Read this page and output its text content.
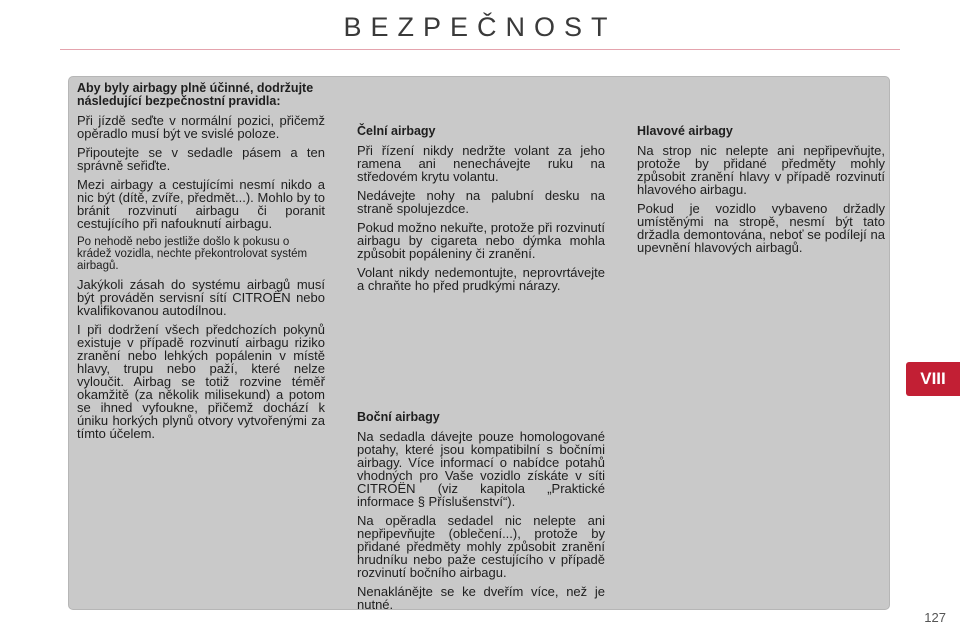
BEZPEČNOST
Aby byly airbagy plně účinné, dodržujte následující bezpečnostní pravidla:

Při jízdě seďte v normální pozici, přičemž opěradlo musí být ve svislé poloze.

Připoutejte se v sedadle pásem a ten správně seřiďte.

Mezi airbagy a cestujícími nesmí nikdo a nic být (dítě, zvíře, předmět...). Mohlo by to bránit rozvinutí airbagu či poranit cestujícího při nafouknutí airbagu.

Po nehodě nebo jestliže došlo k pokusu o krádež vozidla, nechte překontrolovat systém airbagů.

Jakýkoli zásah do systému airbagů musí být prováděn servisní sítí CITROËN nebo kvalifikovanou autodílnou.

I při dodržení všech předchozích pokynů existuje v případě rozvinutí airbagu riziko zranění nebo lehkých popálenin v místě hlavy, trupu nebo paží, které nelze vyloučit. Airbag se totiž rozvine téměř okamžitě (za několik milisekund) a potom se ihned vyfoukne, přičemž dochází k úniku horkých plynů otvory vytvořenými za tímto účelem.

Čelní airbagy

Při řízení nikdy nedržte volant za jeho ramena ani nenechávejte ruku na středovém krytu volantu.

Nedávejte nohy na palubní desku na straně spolujezdce.

Pokud možno nekuřte, protože při rozvinutí airbagu by cigareta nebo dýmka mohla způsobit popáleniny či zranění.

Volant nikdy nedemontujte, neprovrtávejte a chraňte ho před prudkými nárazy.

Boční airbagy

Na sedadla dávejte pouze homologované potahy, které jsou kompatibilní s bočními airbagy. Více informací o nabídce potahů vhodných pro Vaše vozidlo získáte v síti CITROËN (viz kapitola „Praktické informace § Příslušenství“).

Na opěradla sedadel nic nelepte ani nepřipevňujte (oblečení...), protože by přidané předměty mohly způsobit zranění hrudníku nebo paže cestujícího v případě rozvinutí bočního airbagu.

Nenaklánějte se ke dveřím více, než je nutné.

Hlavové airbagy

Na strop nic nelepte ani nepřipevňujte, protože by přidané předměty mohly způsobit zranění hlavy v případě rozvinutí hlavového airbagu.

Pokud je vozidlo vybaveno držadly umístěnými na stropě, nesmí být tato držadla demontována, neboť se podílejí na upevnění hlavových airbagů.

VIII
127
